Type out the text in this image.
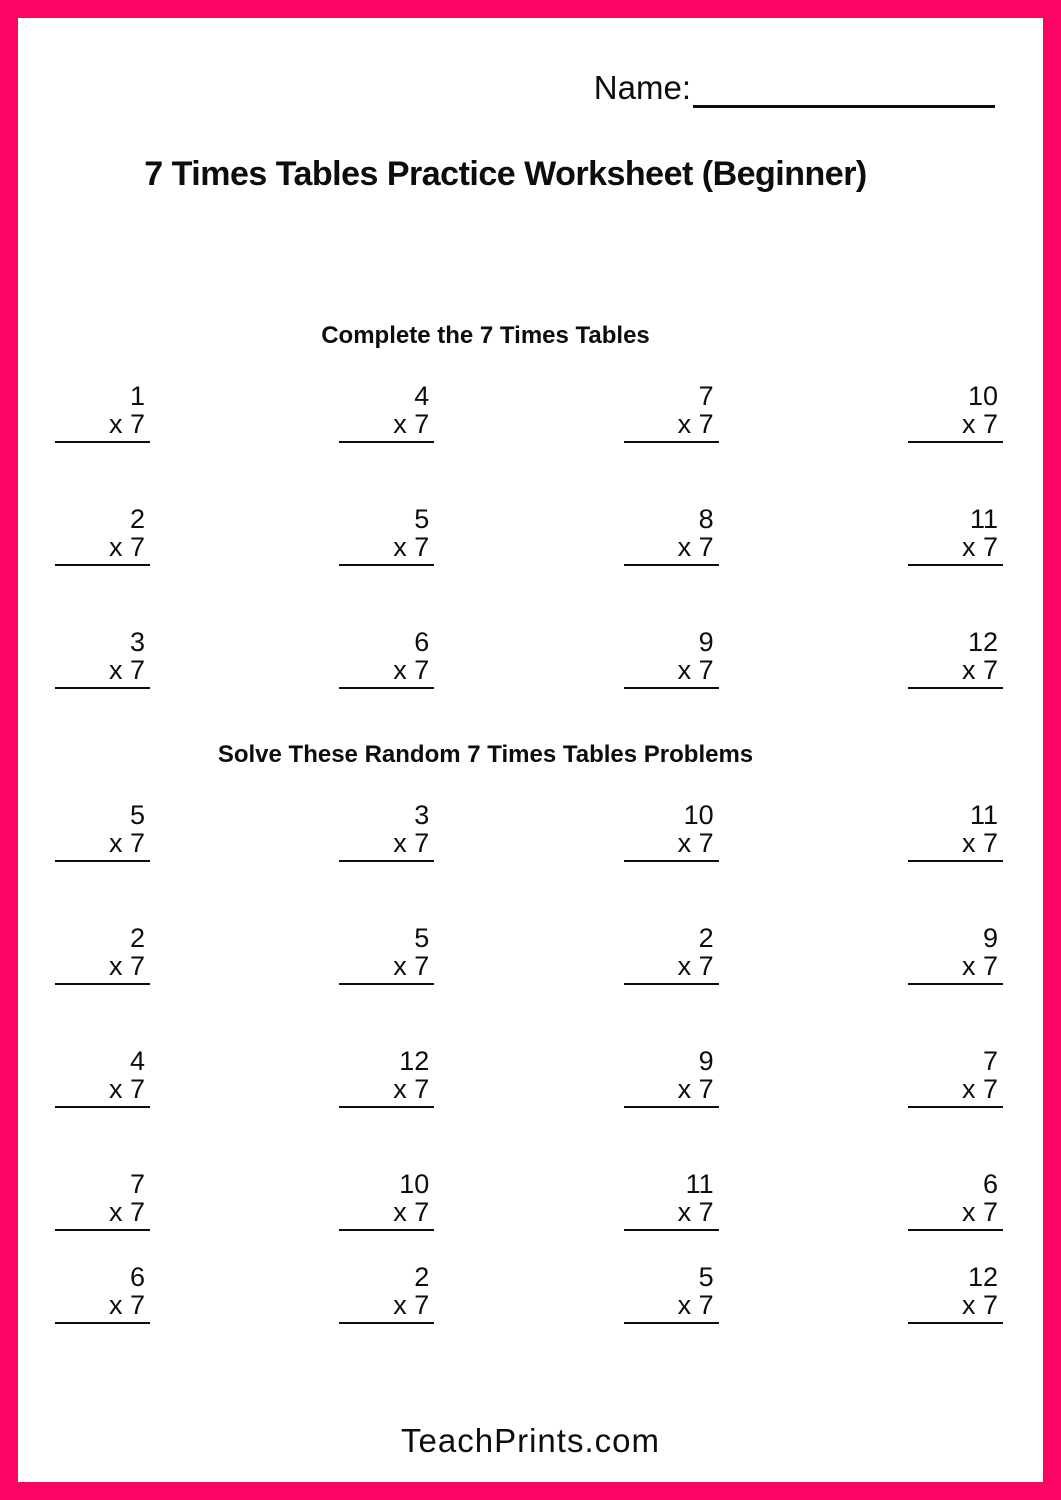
Name:
7 Times Tables Practice Worksheet (Beginner)
Complete the 7 Times Tables
1
x 7
4
x 7
7
x 7
10
x 7
2
x 7
5
x 7
8
x 7
11
x 7
3
x 7
6
x 7
9
x 7
12
x 7
Solve These Random 7 Times Tables Problems
5
x 7
3
x 7
10
x 7
11
x 7
2
x 7
5
x 7
2
x 7
9
x 7
4
x 7
12
x 7
9
x 7
7
x 7
7
x 7
10
x 7
11
x 7
6
x 7
6
x 7
2
x 7
5
x 7
12
x 7
TeachPrints.com
